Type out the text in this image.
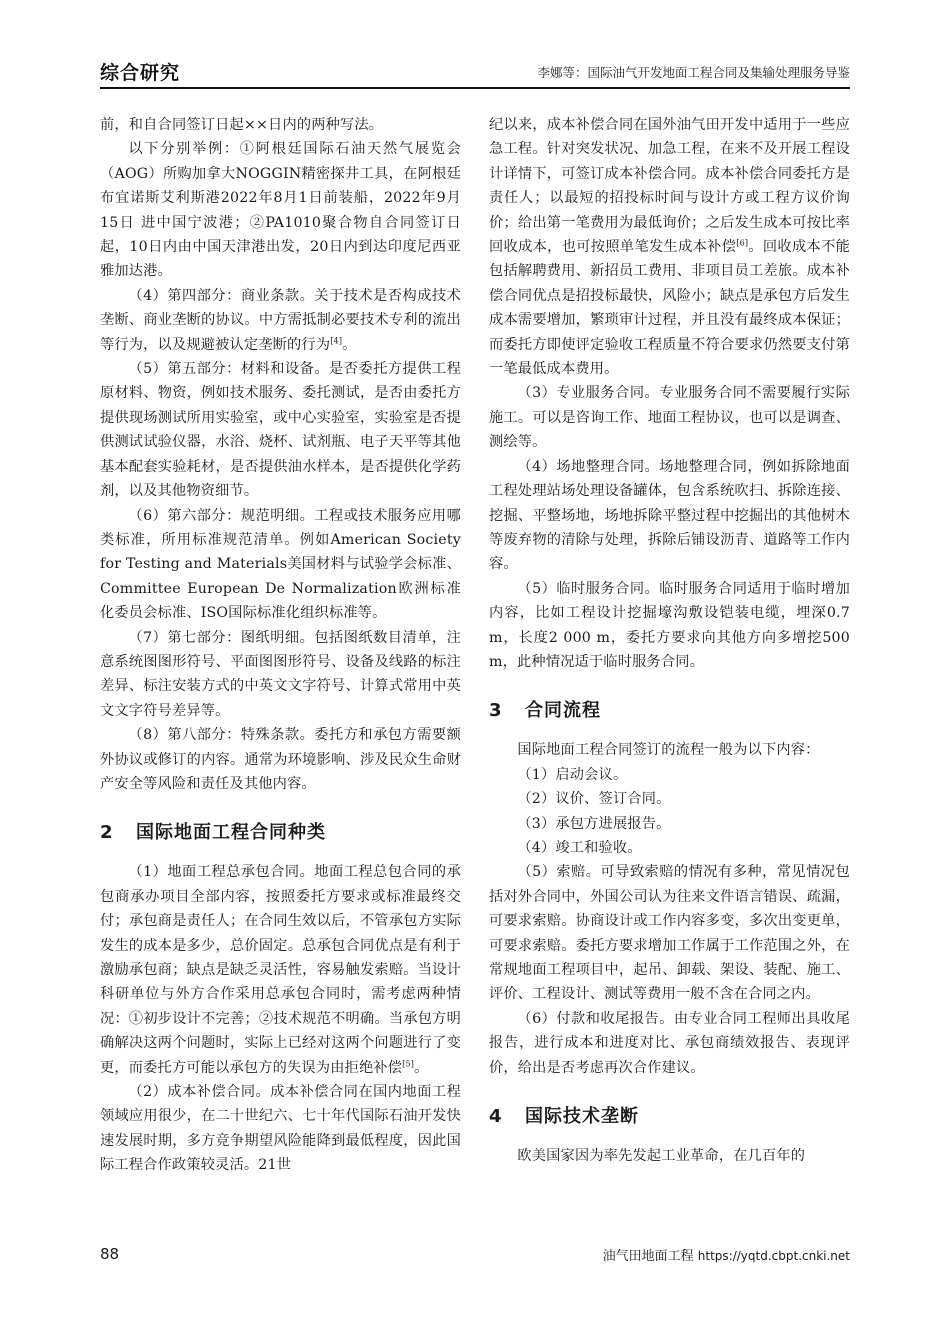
综合研究	李娜等：国际油气开发地面工程合同及集输处理服务导鉴

前，和自合同签订日起××日内的两种写法。

以下分别举例：①阿根廷国际石油天然气展览会（AOG）所购加拿大NOGGIN精密探井工具，在阿根廷布宜诺斯艾利斯港2022年8月1日前装船，2022年9月15日 进中国宁波港；②PA1010聚合物自合同签订日起，10日内由中国天津港出发，20日内到达印度尼西亚雅加达港。

（4）第四部分：商业条款。关于技术是否构成技术垄断、商业垄断的协议。中方需抵制必要技术专利的流出等行为，以及规避被认定垄断的行为[4]。

（5）第五部分：材料和设备。是否委托方提供工程原材料、物资，例如技术服务、委托测试，是否由委托方提供现场测试所用实验室，或中心实验室，实验室是否提供测试试验仪器，水浴、烧杯、试剂瓶、电子天平等其他基本配套实验耗材，是否提供油水样本，是否提供化学药剂，以及其他物资细节。

（6）第六部分：规范明细。工程或技术服务应用哪类标准，所用标准规范清单。例如American Society for Testing and Materials美国材料与试验学会标准、Committee European De Normalization欧洲标准化委员会标准、ISO国际标准化组织标准等。

（7）第七部分：图纸明细。包括图纸数目清单，注意系统图图形符号、平面图图形符号、设备及线路的标注差异、标注安装方式的中英文文字符号、计算式常用中英文文字符号差异等。

（8）第八部分：特殊条款。委托方和承包方需要额外协议或修订的内容。通常为环境影响、涉及民众生命财产安全等风险和责任及其他内容。

2 国际地面工程合同种类

（1）地面工程总承包合同。地面工程总包合同的承包商承办项目全部内容，按照委托方要求或标准最终交付；承包商是责任人；在合同生效以后，不管承包方实际发生的成本是多少，总价固定。总承包合同优点是有利于激励承包商；缺点是缺乏灵活性，容易触发索赔。当设计科研单位与外方合作采用总承包合同时，需考虑两种情况：①初步设计不完善；②技术规范不明确。当承包方明确解决这两个问题时，实际上已经对这两个问题进行了变更，而委托方可能以承包方的失误为由拒绝补偿[5]。

（2）成本补偿合同。成本补偿合同在国内地面工程领域应用很少，在二十世纪六、七十年代国际石油开发快速发展时期，多方竞争期望风险能降到最低程度，因此国际工程合作政策较灵活。21世

纪以来，成本补偿合同在国外油气田开发中适用于一些应急工程。针对突发状况、加急工程，在来不及开展工程设计详情下，可签订成本补偿合同。成本补偿合同委托方是责任人；以最短的招投标时间与设计方或工程方议价询价；给出第一笔费用为最低询价；之后发生成本可按比率回收成本，也可按照单笔发生成本补偿[6]。回收成本不能包括解聘费用、新招员工费用、非项目员工差旅。成本补偿合同优点是招投标最快，风险小；缺点是承包方后发生成本需要增加，繁琐审计过程，并且没有最终成本保证；而委托方即使评定验收工程质量不符合要求仍然要支付第一笔最低成本费用。

（3）专业服务合同。专业服务合同不需要履行实际施工。可以是咨询工作、地面工程协议，也可以是调查、测绘等。

（4）场地整理合同。场地整理合同，例如拆除地面工程处理站场处理设备罐体，包含系统吹扫、拆除连接、挖掘、平整场地，场地拆除平整过程中挖掘出的其他树木等废弃物的清除与处理，拆除后铺设沥青、道路等工作内容。

（5）临时服务合同。临时服务合同适用于临时增加内容，比如工程设计挖掘壕沟敷设铠装电缆，埋深0.7 m，长度2 000 m，委托方要求向其他方向多增挖500 m，此种情况适于临时服务合同。

3 合同流程

国际地面工程合同签订的流程一般为以下内容：

（1）启动会议。

（2）议价、签订合同。

（3）承包方进展报告。

（4）竣工和验收。

（5）索赔。可导致索赔的情况有多种，常见情况包括对外合同中，外国公司认为往来文件语言错误、疏漏，可要求索赔。协商设计或工作内容多变，多次出变更单，可要求索赔。委托方要求增加工作属于工作范围之外，在常规地面工程项目中，起吊、卸载、架设、装配、施工、评价、工程设计、测试等费用一般不含在合同之内。

（6）付款和收尾报告。由专业合同工程师出具收尾报告，进行成本和进度对比、承包商绩效报告、表现评价，给出是否考虑再次合作建议。

4 国际技术垄断

欧美国家因为率先发起工业革命，在几百年的

88	油气田地面工程 https://yqtd.cbpt.cnki.net
